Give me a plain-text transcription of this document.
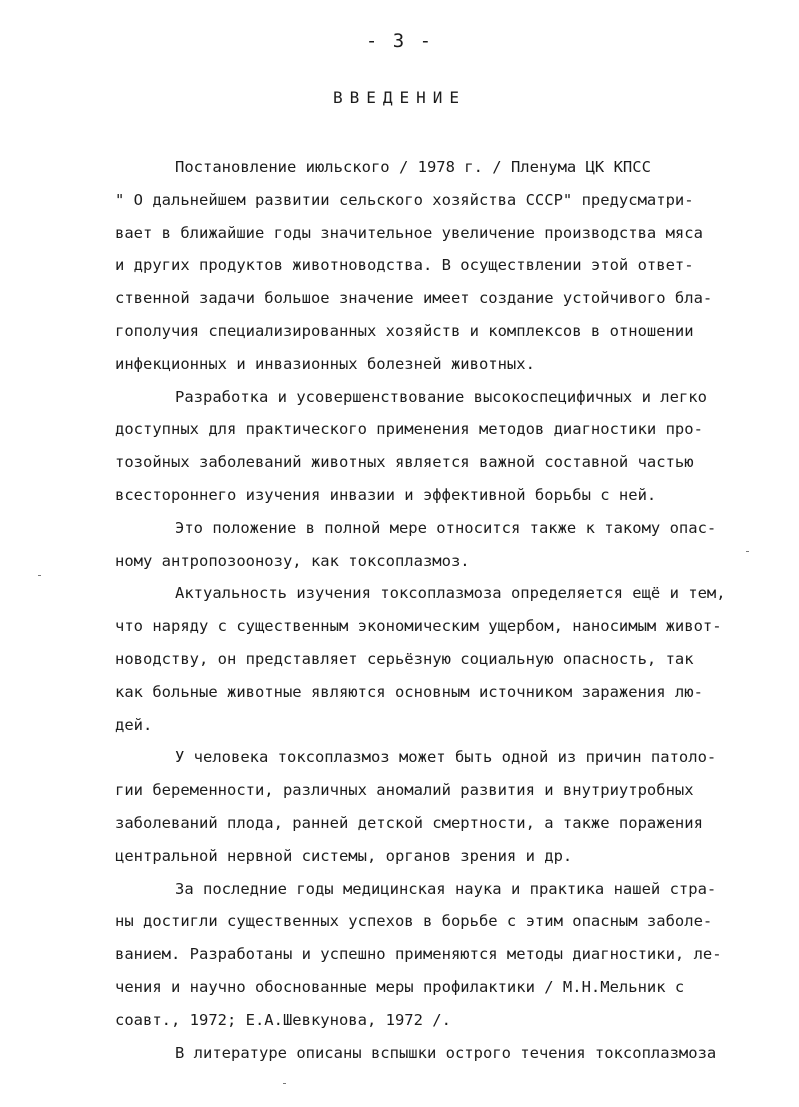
- 3 -
ВВЕДЕНИЕ
Постановление июльского / 1978 г. / Пленума ЦК КПСС
" О дальнейшем развитии сельского хозяйства СССР" предусматри-
вает в ближайшие годы значительное увеличение производства мяса
и других продуктов животноводства. В осуществлении этой ответ-
ственной задачи большое значение имеет создание устойчивого бла-
гополучия специализированных хозяйств и комплексов в отношении
инфекционных и инвазионных болезней животных.
Разработка и усовершенствование высокоспецифичных и легко
доступных для практического применения методов диагностики про-
тозойных заболеваний животных является важной составной частью
всестороннего изучения инвазии и эффективной борьбы с ней.
Это положение в полной мере относится также к такому опас-
ному антропозоонозу, как токсоплазмоз.
Актуальность изучения токсоплазмоза определяется ещё и тем,
что наряду с существенным экономическим ущербом, наносимым живот-
новодству, он представляет серьёзную социальную опасность, так
как больные животные являются основным источником заражения лю-
дей.
У человека токсоплазмоз может быть одной из причин патоло-
гии беременности, различных аномалий развития и внутриутробных
заболеваний плода, ранней детской смертности, а также поражения
центральной нервной системы, органов зрения и др.
За последние годы медицинская наука и практика нашей стра-
ны достигли существенных успехов в борьбе с этим опасным заболе-
ванием. Разработаны и успешно применяются методы диагностики, ле-
чения и научно обоснованные меры профилактики / М.Н.Мельник с
соавт., 1972; Е.А.Шевкунова, 1972 /.
В литературе описаны вспышки острого течения токсоплазмоза
